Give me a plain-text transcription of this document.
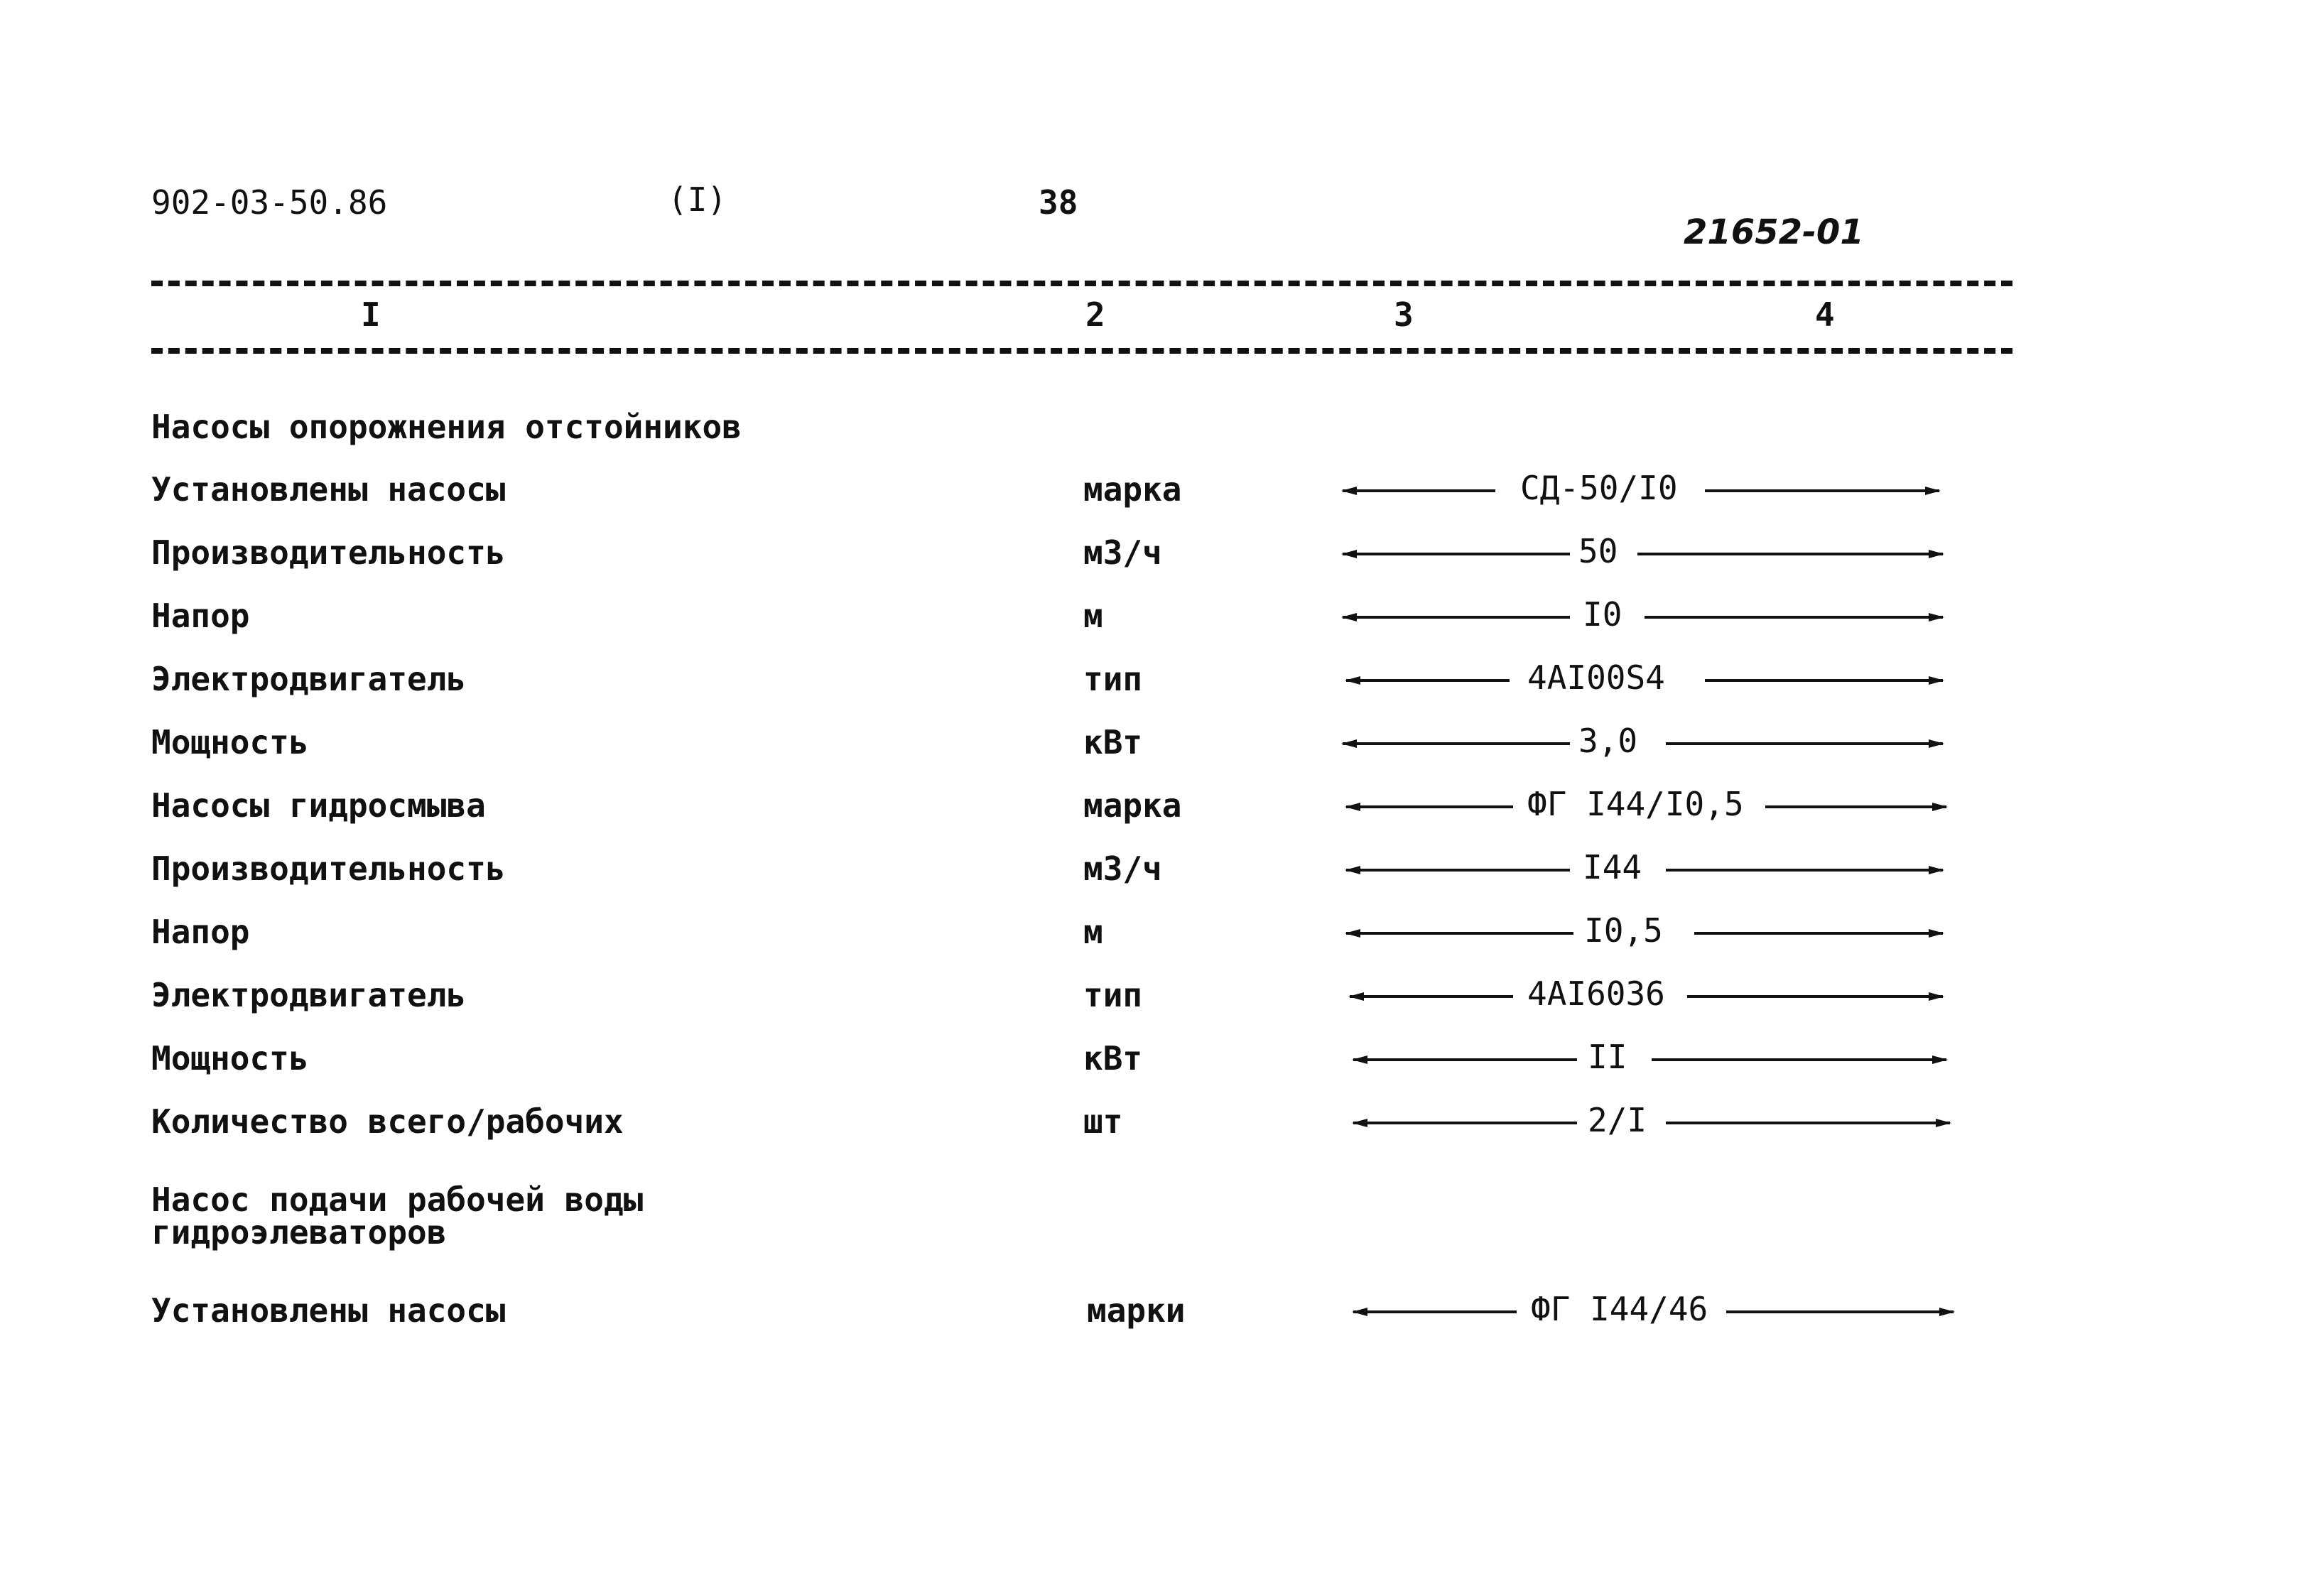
902-03-50.86	(I)	38
21652-01
I	2	3	4
Насосы опорожнения отстойников
Установлены насосы	марка	СД-50/I0
Производительность	м3/ч	50
Напор	м	I0
Электродвигатель	тип	4AI00S4
Мощность	кВт	3,0
Насосы гидросмыва	марка	ФГ I44/I0,5
Производительность	м3/ч	I44
Напор	м	I0,5
Электродвигатель	тип	4AI6036
Мощность	кВт	II
Количество всего/рабочих	шт	2/I
Насос подачи рабочей воды
гидроэлеваторов
Установлены насосы	марки	ФГ I44/46
